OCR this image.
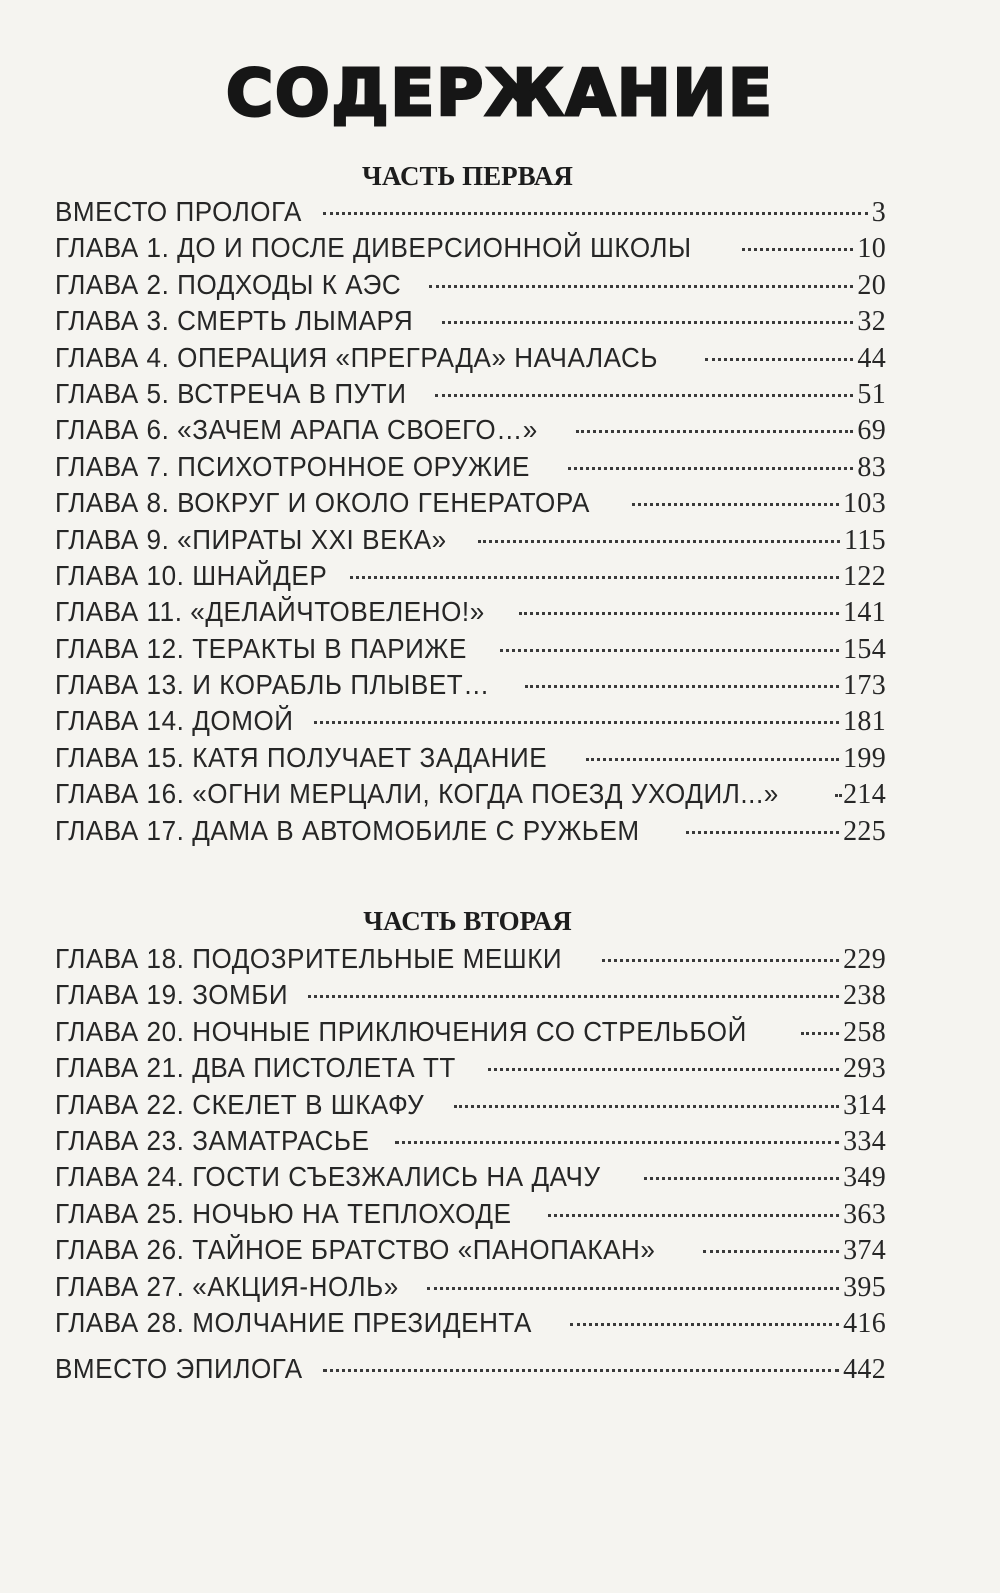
СОДЕРЖАНИЕ
ЧАСТЬ ПЕРВАЯ
ВМЕСТО ПРОЛОГА	3
ГЛАВА 1. ДО И ПОСЛЕ ДИВЕРСИОННОЙ ШКОЛЫ	10
ГЛАВА 2. ПОДХОДЫ К АЭС	20
ГЛАВА 3. СМЕРТЬ ЛЫМАРЯ	32
ГЛАВА 4. ОПЕРАЦИЯ «ПРЕГРАДА» НАЧАЛАСЬ	44
ГЛАВА 5. ВСТРЕЧА В ПУТИ	51
ГЛАВА 6. «ЗАЧЕМ АРАПА СВОЕГО…»	69
ГЛАВА 7. ПСИХОТРОННОЕ ОРУЖИЕ	83
ГЛАВА 8. ВОКРУГ И ОКОЛО ГЕНЕРАТОРА	103
ГЛАВА 9. «ПИРАТЫ XXI ВЕКА»	115
ГЛАВА 10. ШНАЙДЕР	122
ГЛАВА 11. «ДЕЛАЙЧТОВЕЛЕНО!»	141
ГЛАВА 12. ТЕРАКТЫ В ПАРИЖЕ	154
ГЛАВА 13. И КОРАБЛЬ ПЛЫВЕТ…	173
ГЛАВА 14. ДОМОЙ	181
ГЛАВА 15. КАТЯ ПОЛУЧАЕТ ЗАДАНИЕ	199
ГЛАВА 16. «ОГНИ МЕРЦАЛИ, КОГДА ПОЕЗД УХОДИЛ...» 214
ГЛАВА 17. ДАМА В АВТОМОБИЛЕ С РУЖЬЕМ	225
ЧАСТЬ ВТОРАЯ
ГЛАВА 18. ПОДОЗРИТЕЛЬНЫЕ МЕШКИ	229
ГЛАВА 19. ЗОМБИ	238
ГЛАВА 20. НОЧНЫЕ ПРИКЛЮЧЕНИЯ СО СТРЕЛЬБОЙ	258
ГЛАВА 21. ДВА ПИСТОЛЕТА ТТ	293
ГЛАВА 22. СКЕЛЕТ В ШКАФУ	314
ГЛАВА 23. ЗАМАТРАСЬЕ	334
ГЛАВА 24. ГОСТИ СЪЕЗЖАЛИСЬ НА ДАЧУ	349
ГЛАВА 25. НОЧЬЮ НА ТЕПЛОХОДЕ	363
ГЛАВА 26. ТАЙНОЕ БРАТСТВО «ПАНОПАКАН»	374
ГЛАВА 27. «АКЦИЯ-НОЛЬ»	395
ГЛАВА 28. МОЛЧАНИЕ ПРЕЗИДЕНТА	416
ВМЕСТО ЭПИЛОГА	442
